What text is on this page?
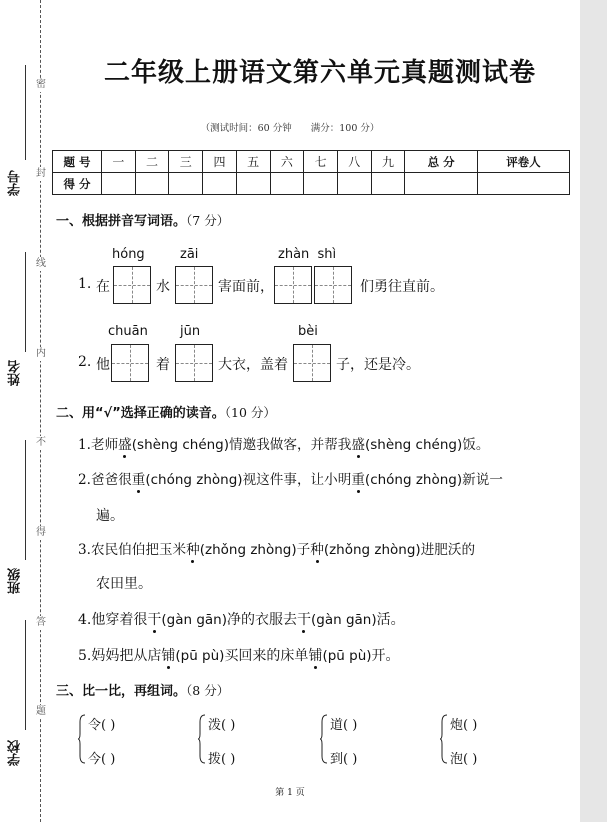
密
封
线
内
不
得
答
题
学号
姓名
班级
学校
二年级上册语文第六单元真题测试卷
（测试时间：60 分钟 满分：100 分）
题 号	一	二	三	四	五	六	七	八	九	总 分	评卷人
得 分											
一、根据拼音写词语。（7 分）
hóng	zāi	zhàn  shì
1. 在	水	害面前，	们勇往直前。
chuān jūn	bèi
2. 他	着	大衣，盖着	子，还是冷。
二、用“√”选择正确的读音。（10 分）
1.老师盛(shèng chéng)情邀我做客，并帮我盛(shèng chéng)饭。
2.爸爸很重(chóng zhòng)视这件事，让小明重(chóng zhòng)新说一
遍。
3.农民伯伯把玉米种(zhǒng zhòng)子种(zhǒng zhòng)进肥沃的
农田里。
4.他穿着很干(gàn gān)净的衣服去干(gàn gān)活。
5.妈妈把从店铺(pū pù)买回来的床单铺(pū pù)开。
三、比一比，再组词。（8 分）
令( )
今( )
泼( )
拨( )
道( )
到( )
炮( )
泡( )
第 1 页
